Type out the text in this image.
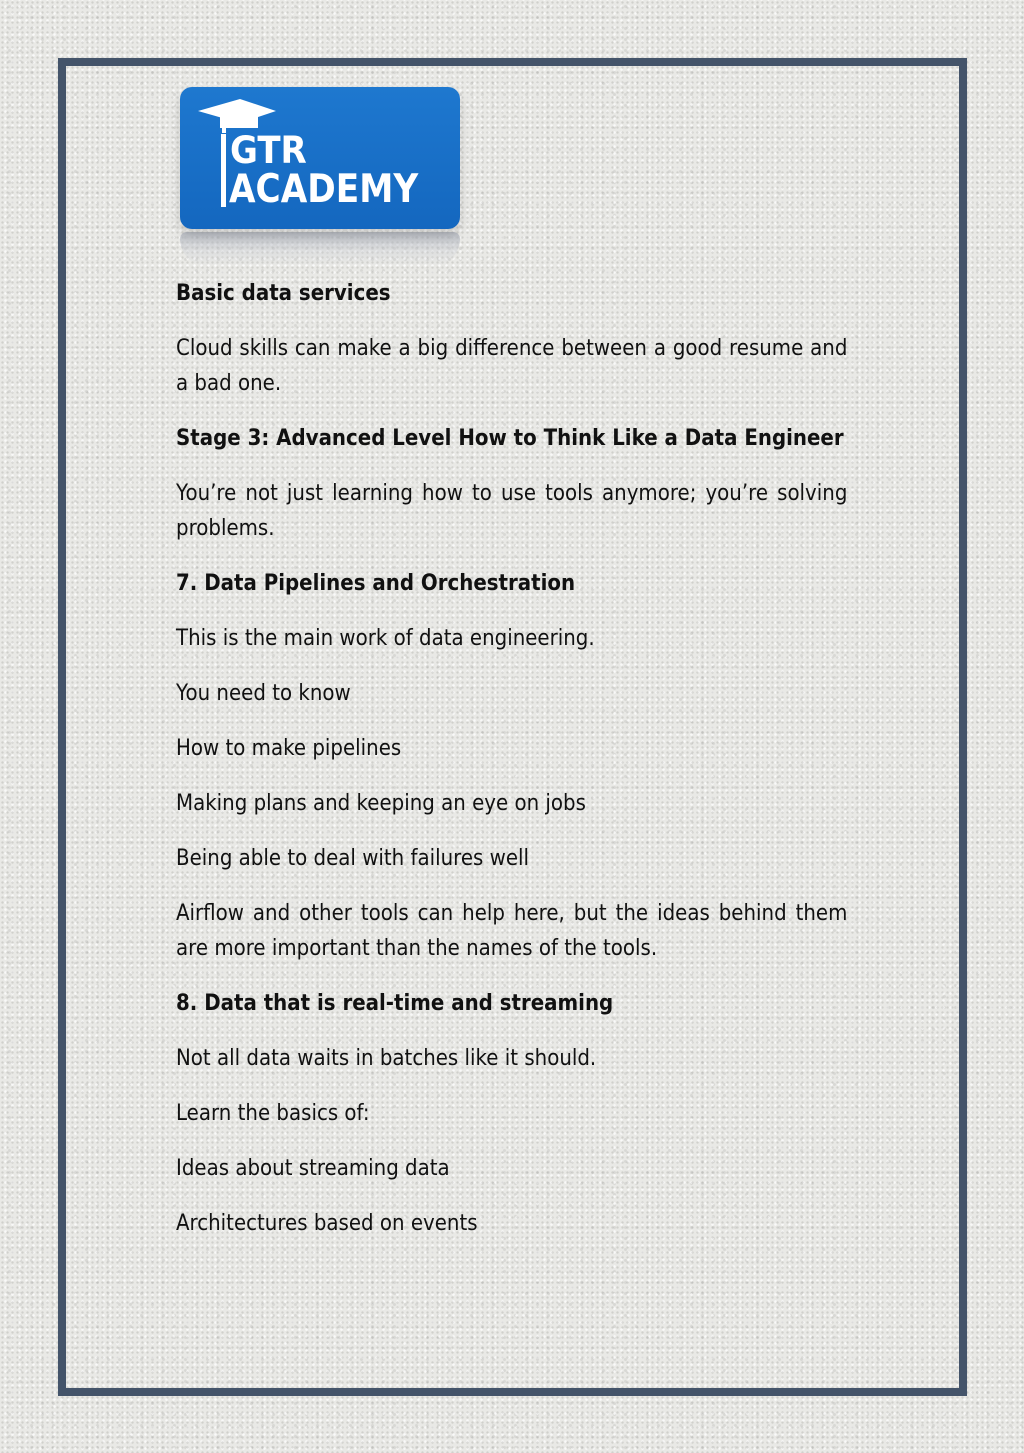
GTR
ACADEMY

Basic data services

Cloud skills can make a big difference between a good resume and a bad one.

Stage 3: Advanced Level How to Think Like a Data Engineer

You’re not just learning how to use tools anymore; you’re solving problems.

7. Data Pipelines and Orchestration

This is the main work of data engineering.

You need to know

How to make pipelines

Making plans and keeping an eye on jobs

Being able to deal with failures well

Airflow and other tools can help here, but the ideas behind them are more important than the names of the tools.

8. Data that is real-time and streaming

Not all data waits in batches like it should.

Learn the basics of:

Ideas about streaming data

Architectures based on events
